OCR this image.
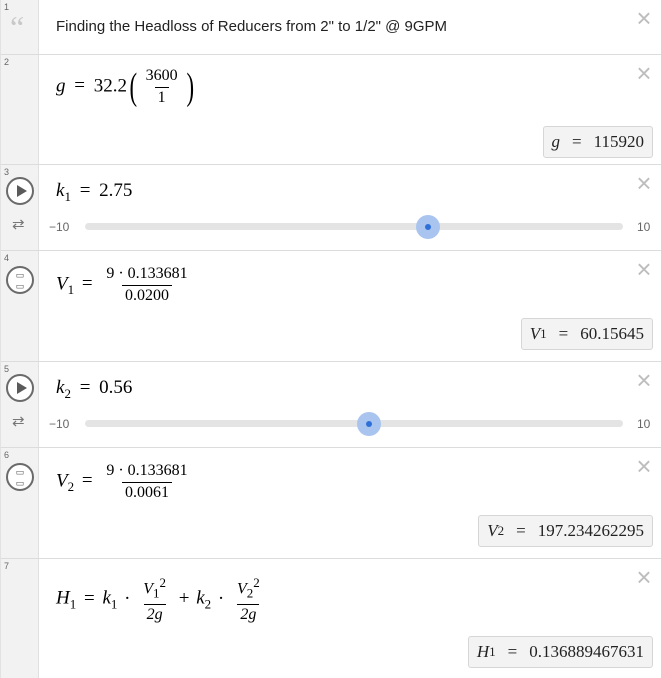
1
“ Finding the Headloss of Reducers from 2" to 1/2" @ 9GPM	×
2
$g = 32.2( \frac{3600}{1}$ )
g = 115920
×
3
⇄
$k_1 = 2.75$
−10	10
×
4
▭
▭	$V_1 = \frac{9 \cdot 0.133681}{0.0200}$
V 1 = 60.15645
×
5
⇄
$k_2 = 0.56$
−10	10
×
6
▭
▭	$V_2 = \frac{9 \cdot 0.133681}{0.0061}$
V 2 = 197.234262295
×
7
$H_1 = k_1 \cdot \frac{V_1^2}{2g} + k_2 \cdot \frac{V_2^2}{2g}$
H 1 = 0.136889467631
×
